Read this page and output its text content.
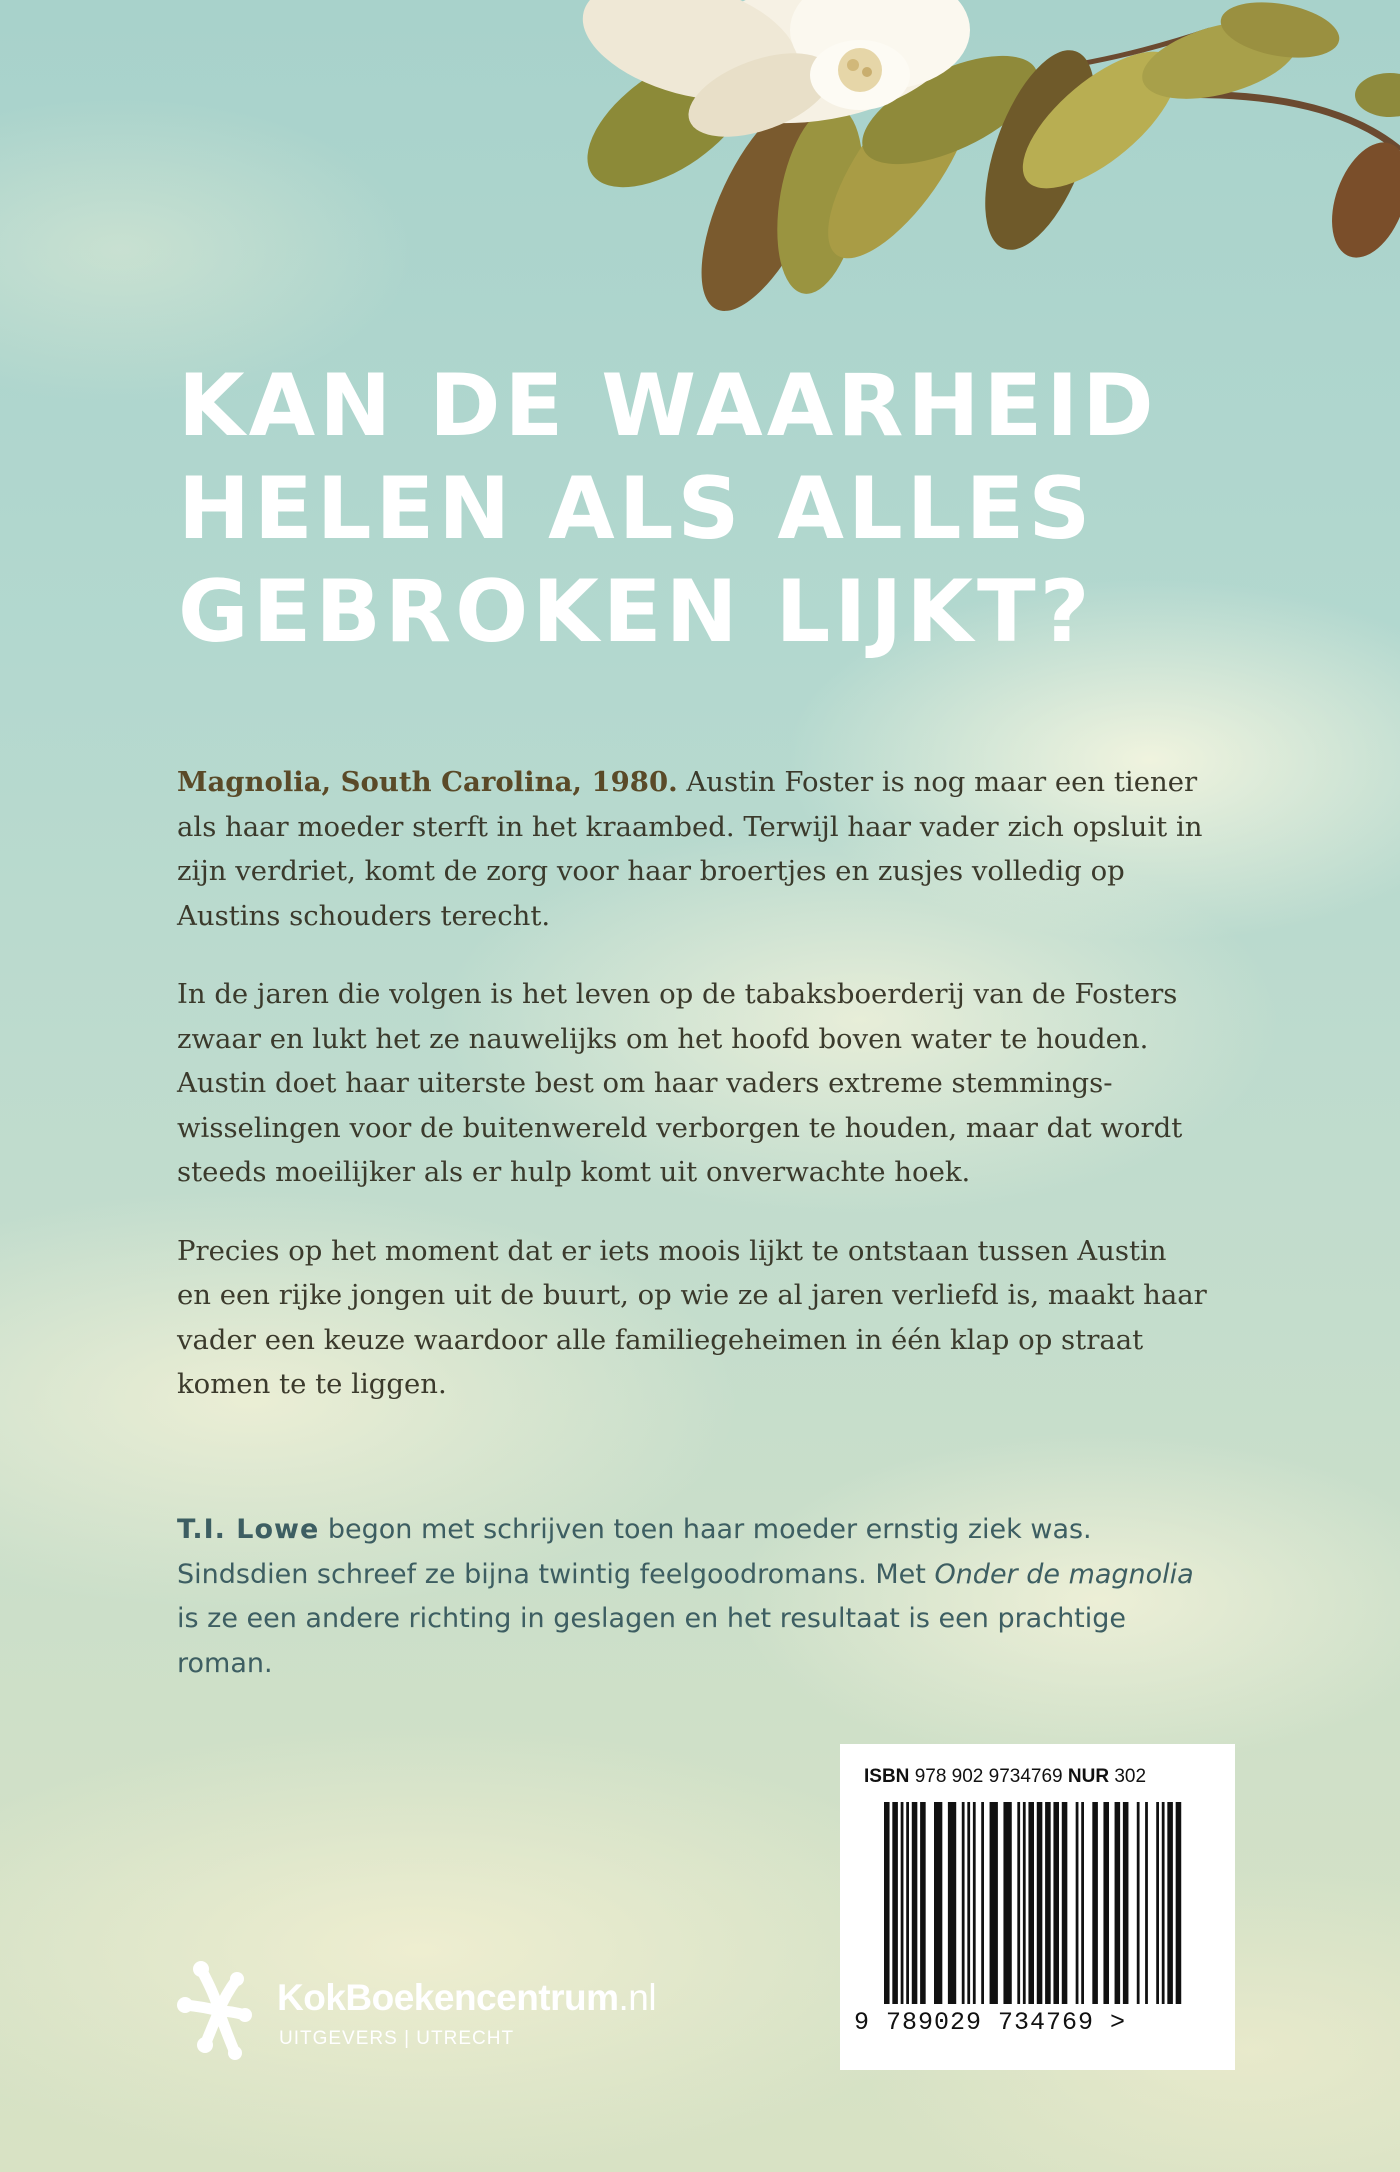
KAN DE WAARHEID
HELEN ALS ALLES
GEBROKEN LIJKT?

Magnolia, South Carolina, 1980. Austin Foster is nog maar een tiener als haar moeder sterft in het kraambed. Terwijl haar vader zich opsluit in zijn verdriet, komt de zorg voor haar broertjes en zusjes volledig op Austins schouders terecht.

In de jaren die volgen is het leven op de tabaksboerderij van de Fosters zwaar en lukt het ze nauwelijks om het hoofd boven water te houden. Austin doet haar uiterste best om haar vaders extreme stemmings-wisselingen voor de buitenwereld verborgen te houden, maar dat wordt steeds moeilijker als er hulp komt uit onverwachte hoek.

Precies op het moment dat er iets moois lijkt te ontstaan tussen Austin en een rijke jongen uit de buurt, op wie ze al jaren verliefd is, maakt haar vader een keuze waardoor alle familiegeheimen in één klap op straat komen te te liggen.

T.I. Lowe begon met schrijven toen haar moeder ernstig ziek was. Sindsdien schreef ze bijna twintig feelgoodromans. Met Onder de magnolia is ze een andere richting in geslagen en het resultaat is een prachtige roman.

ISBN 978 902 9734769 NUR 302
9 789029 734769 >
KokBoekencentrum.nl
UITGEVERS | UTRECHT
